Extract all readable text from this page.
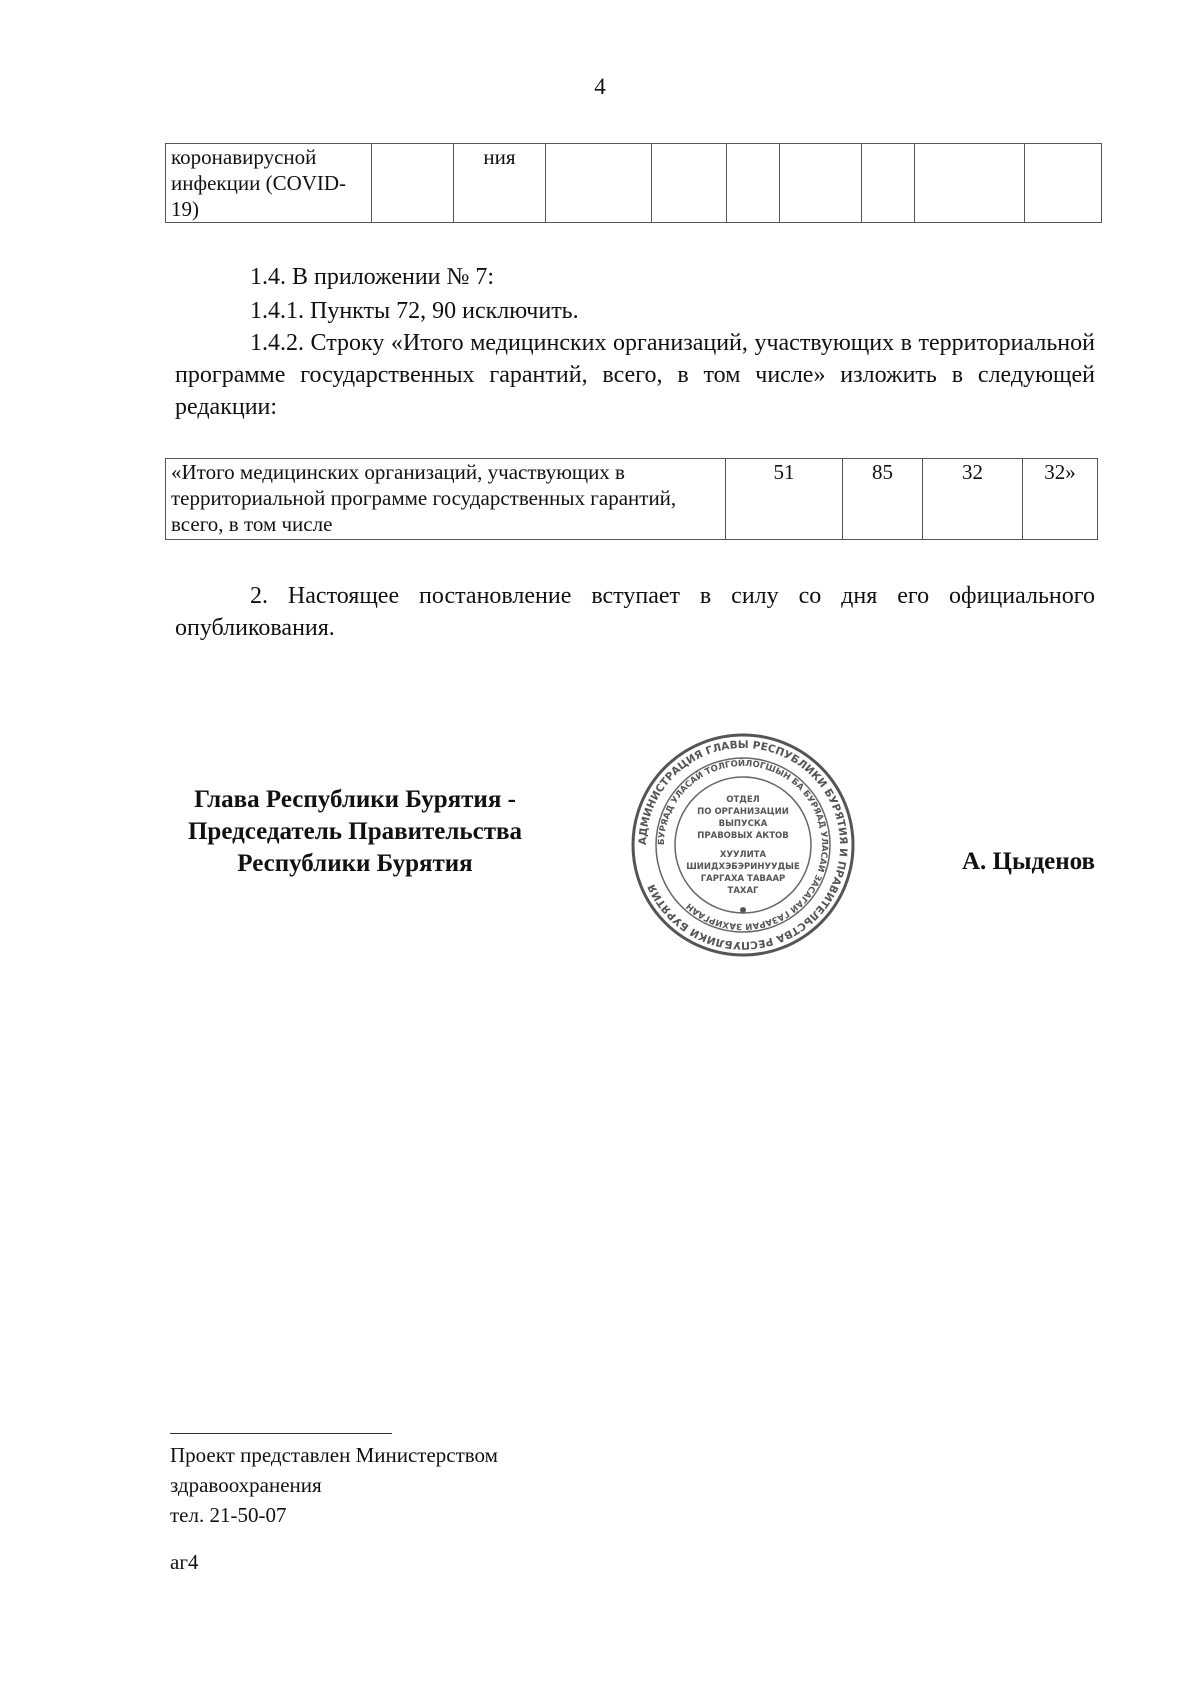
4
коронавирусной инфекции (COVID-19)		ния							
1.4. В приложении № 7:
1.4.1. Пункты 72, 90 исключить.
1.4.2. Строку «Итого медицинских организаций, участвующих в территориальной программе государственных гарантий, всего, в том числе» изложить в следующей редакции:
«Итого медицинских организаций, участвующих в территориальной программе государственных гарантий, всего, в том числе	51	85	32	32»
2. Настоящее постановление вступает в силу со дня его официального опубликования.
Глава Республики Бурятия -
Председатель Правительства
Республики Бурятия
АДМИНИСТРАЦИЯ ГЛАВЫ РЕСПУБЛИКИ БУРЯТИЯ И ПРАВИТЕЛЬСТВА РЕСПУБЛИКИ БУРЯТИЯ
БУРЯАД УЛАСАЙ ТОЛГОЙЛОГШЫН БА БУРЯАД УЛАСАЙ ЗАСАГАЙ ГАЗАРАЙ ЗАХИРГААН
ОТДЕЛ
ПО ОРГАНИЗАЦИИ
ВЫПУСКА
ПРАВОВЫХ АКТОВ
ХУУЛИТА
ШИИДХЭБЭРИНУУДЫЕ
ГАРГАХА ТАВААР
ТАХАГ
А. Цыденов
Проект представлен Министерством
здравоохранения
тел. 21-50-07
аг4
